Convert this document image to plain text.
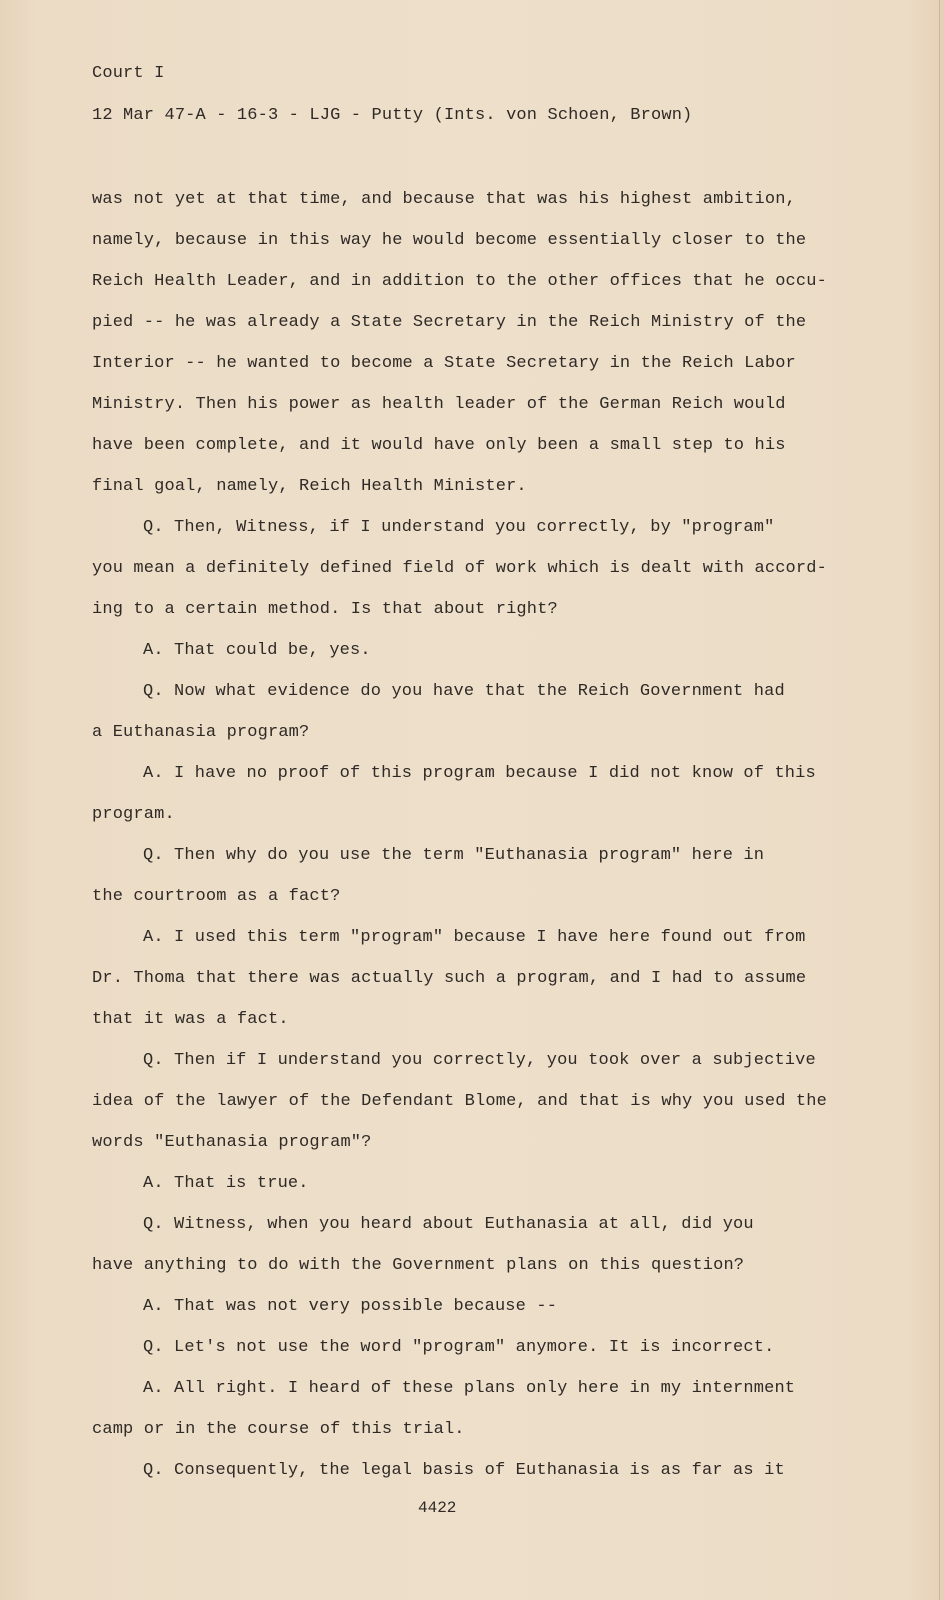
Court I
12 Mar 47-A - 16-3 - LJG - Putty (Ints. von Schoen, Brown)
was not yet at that time, and because that was his highest ambition,
namely, because in this way he would become essentially closer to the
Reich Health Leader, and in addition to the other offices that he occu-
pied -- he was already a State Secretary in the Reich Ministry of the
Interior -- he wanted to become a State Secretary in the Reich Labor
Ministry. Then his power as health leader of the German Reich would
have been complete, and it would have only been a small step to his
final goal, namely, Reich Health Minister.
Q. Then, Witness, if I understand you correctly, by "program"
you mean a definitely defined field of work which is dealt with accord-
ing to a certain method. Is that about right?
A. That could be, yes.
Q. Now what evidence do you have that the Reich Government had
a Euthanasia program?
A. I have no proof of this program because I did not know of this
program.
Q. Then why do you use the term "Euthanasia program" here in
the courtroom as a fact?
A. I used this term "program" because I have here found out from
Dr. Thoma that there was actually such a program, and I had to assume
that it was a fact.
Q. Then if I understand you correctly, you took over a subjective
idea of the lawyer of the Defendant Blome, and that is why you used the
words "Euthanasia program"?
A. That is true.
Q. Witness, when you heard about Euthanasia at all, did you
have anything to do with the Government plans on this question?
A. That was not very possible because --
Q. Let's not use the word "program" anymore. It is incorrect.
A. All right. I heard of these plans only here in my internment
camp or in the course of this trial.
Q. Consequently, the legal basis of Euthanasia is as far as it
4422
